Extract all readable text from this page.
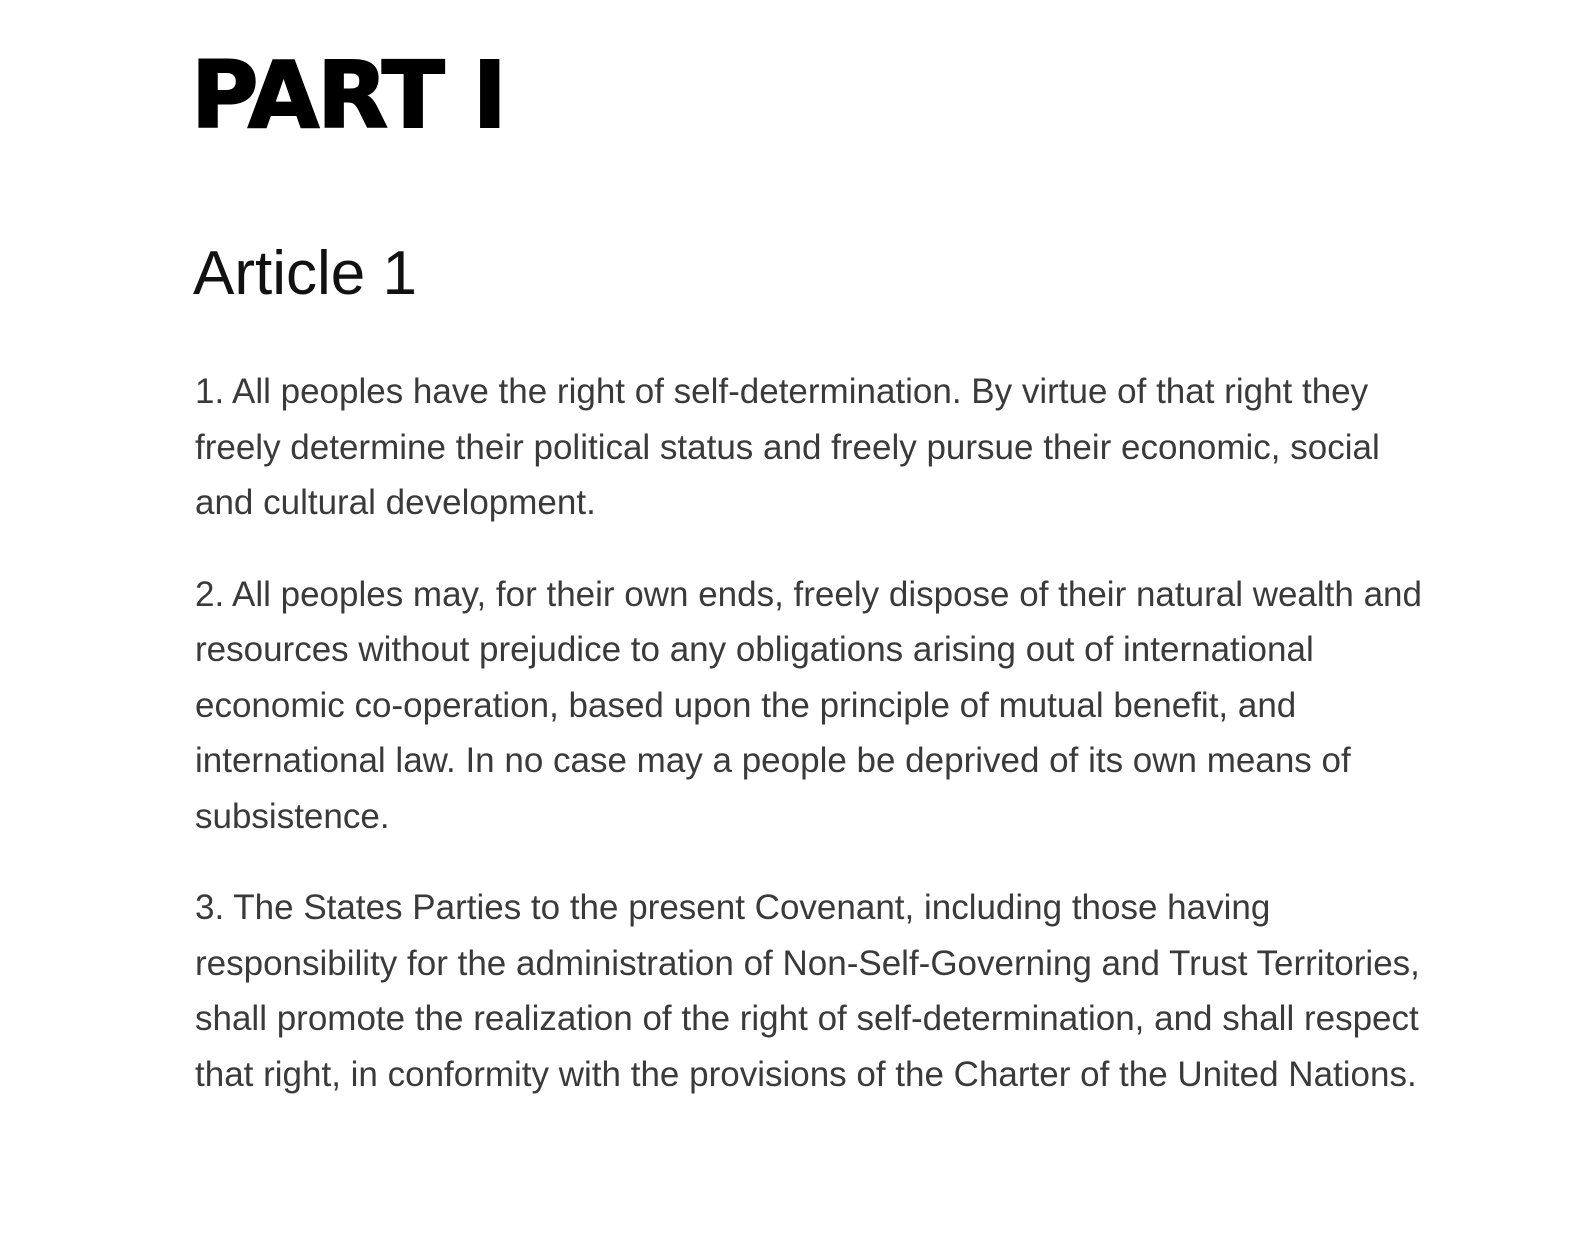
PART I
Article 1

1. All peoples have the right of self-determination. By virtue of that right they freely determine their political status and freely pursue their economic, social and cultural development.

2. All peoples may, for their own ends, freely dispose of their natural wealth and resources without prejudice to any obligations arising out of international economic co-operation, based upon the principle of mutual benefit, and international law. In no case may a people be deprived of its own means of subsistence.

3. The States Parties to the present Covenant, including those having responsibility for the administration of Non-Self-Governing and Trust Territories, shall promote the realization of the right of self-determination, and shall respect that right, in conformity with the provisions of the Charter of the United Nations.
